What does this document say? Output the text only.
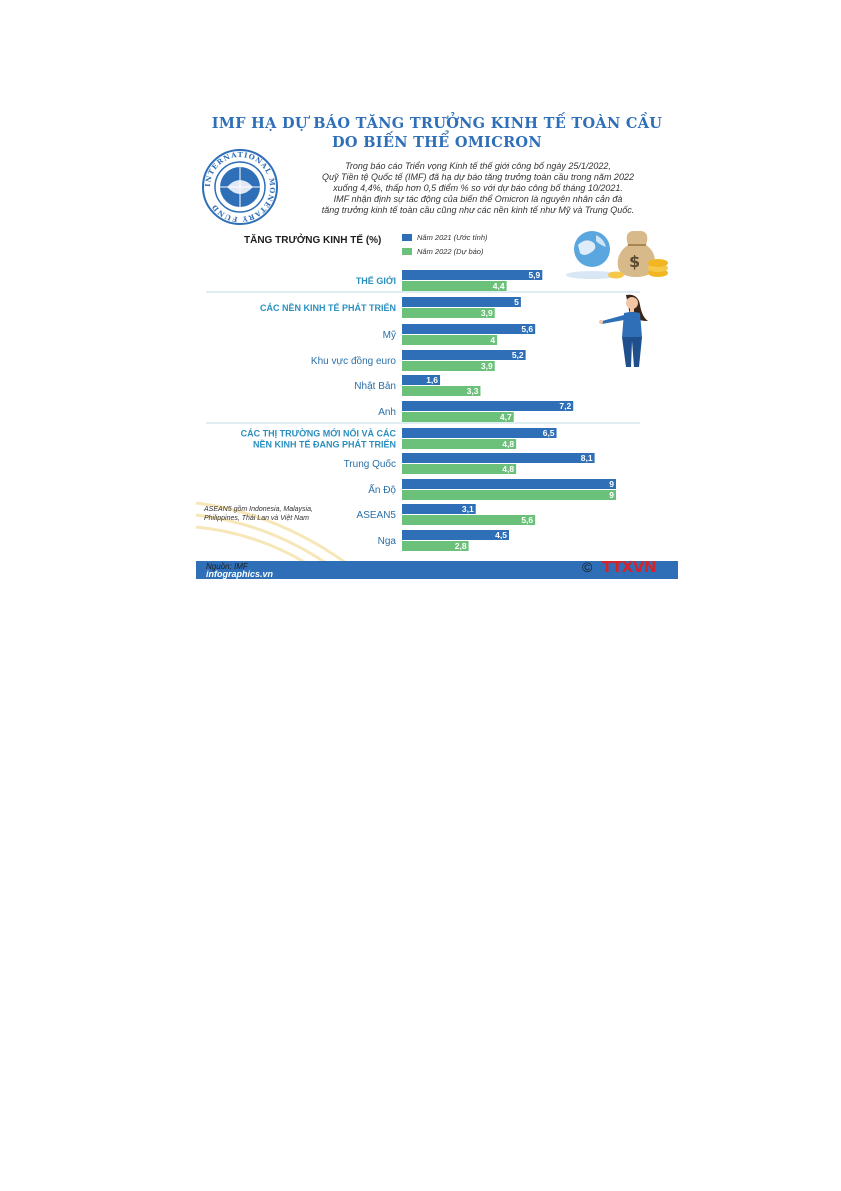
IMF HẠ DỰ BÁO TĂNG TRƯỞNG KINH TẾ TOÀN CẦU
DO BIẾN THỂ OMICRON
INTERNATIONAL MONETARY FUND
Trong báo cáo Triển vọng Kinh tế thế giới công bố ngày 25/1/2022,
Quỹ Tiền tệ Quốc tế (IMF) đã hạ dự báo tăng trưởng toàn cầu trong năm 2022
xuống 4,4%, thấp hơn 0,5 điểm % so với dự báo công bố tháng 10/2021.
IMF nhận định sự tác động của biến thể Omicron là nguyên nhân cản đà
tăng trưởng kinh tế toàn cầu cũng như các nền kinh tế như Mỹ và Trung Quốc.
TĂNG TRƯỞNG KINH TẾ (%)	Năm 2021 (Ước tính)
Năm 2022 (Dự báo)
$
THẾ GIỚI
5,9
4,4
CÁC NỀN KINH TẾ PHÁT TRIỂN
5
3,9
Mỹ
5,6
4
Khu vực đồng euro
5,2
3,9
Nhật Bản
1,6
3,3
Anh
7,2
4,7
CÁC THỊ TRƯỜNG MỚI NỔI VÀ CÁC
NỀN KINH TẾ ĐANG PHÁT TRIỂN
6,5
4,8
Trung Quốc
8,1
4,8
Ấn Độ
9
9
ASEAN5
3,1
5,6
Nga
4,5
2,8
ASEAN5 gồm Indonesia, Malaysia, Philippines, Thái Lan và Việt Nam
Nguồn: IMF
infographics.vn	© TTXVN
